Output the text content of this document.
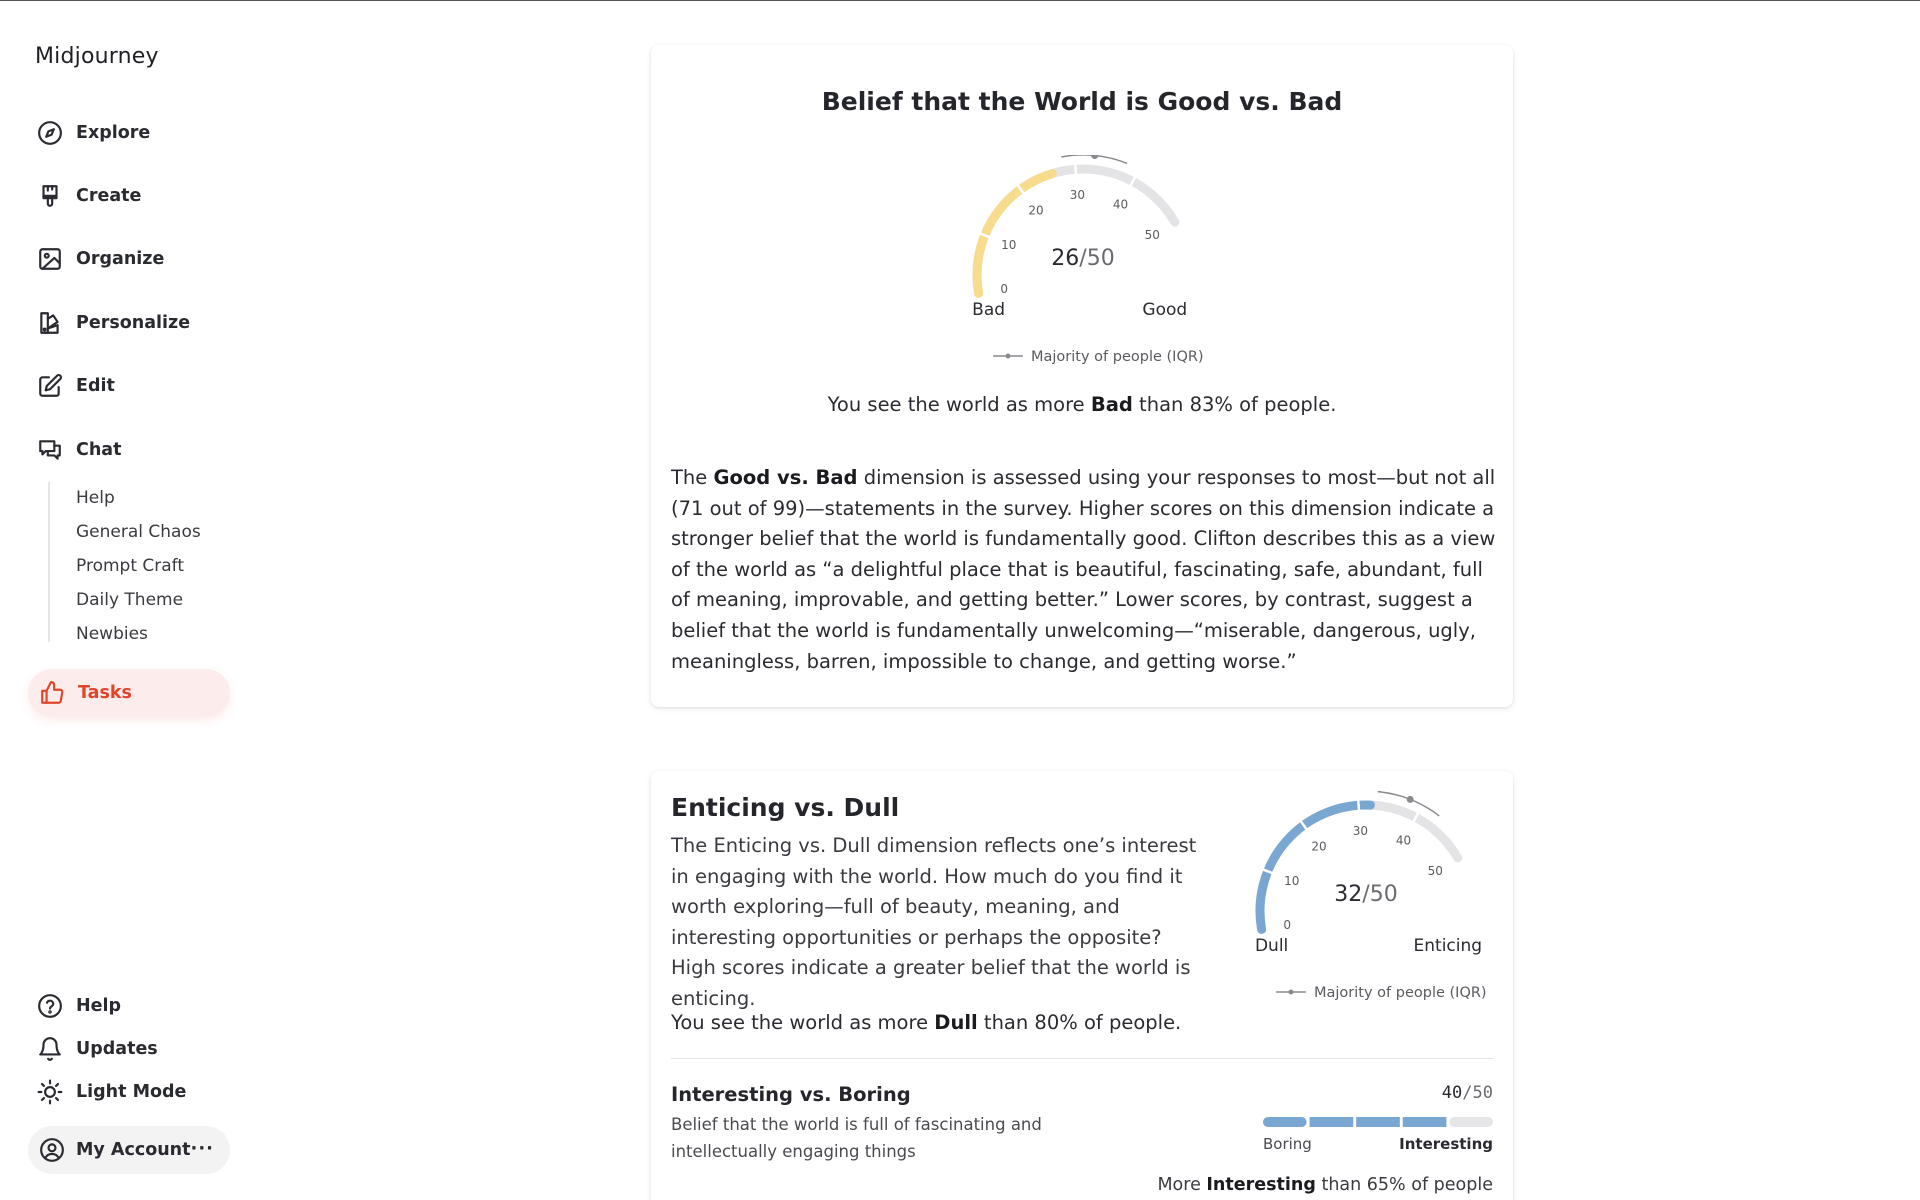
Midjourney
Explore
Create
Organize
Personalize
Edit
Chat
Help
General Chaos
Prompt Craft
Daily Theme
Newbies
Tasks
Help
Updates
Light Mode
My Account ···
Belief that the World is Good vs. Bad
0
10
20
30
40
50
26/50
Bad	Good
Majority of people (IQR)
You see the world as more Bad than 83% of people.

The Good vs. Bad dimension is assessed using your responses to most—but not all (71 out of 99)—statements in the survey. Higher scores on this dimension indicate a stronger belief that the world is fundamentally good. Clifton describes this as a view of the world as “a delightful place that is beautiful, fascinating, safe, abundant, full of meaning, improvable, and getting better.” Lower scores, by contrast, suggest a belief that the world is fundamentally unwelcoming—“miserable, dangerous, ugly, meaningless, barren, impossible to change, and getting worse.”

Enticing vs. Dull

The Enticing vs. Dull dimension reflects one’s interest in engaging with the world. How much do you find it worth exploring—full of beauty, meaning, and interesting opportunities or perhaps the opposite? High scores indicate a greater belief that the world is enticing.

0
10
20
30
40
50
32/50
Dull	Enticing
Majority of people (IQR)
You see the world as more Dull than 80% of people.
Interesting vs. Boring
Belief that the world is full of fascinating and intellectually engaging things
40/50
Boring	Interesting
More Interesting than 65% of people
